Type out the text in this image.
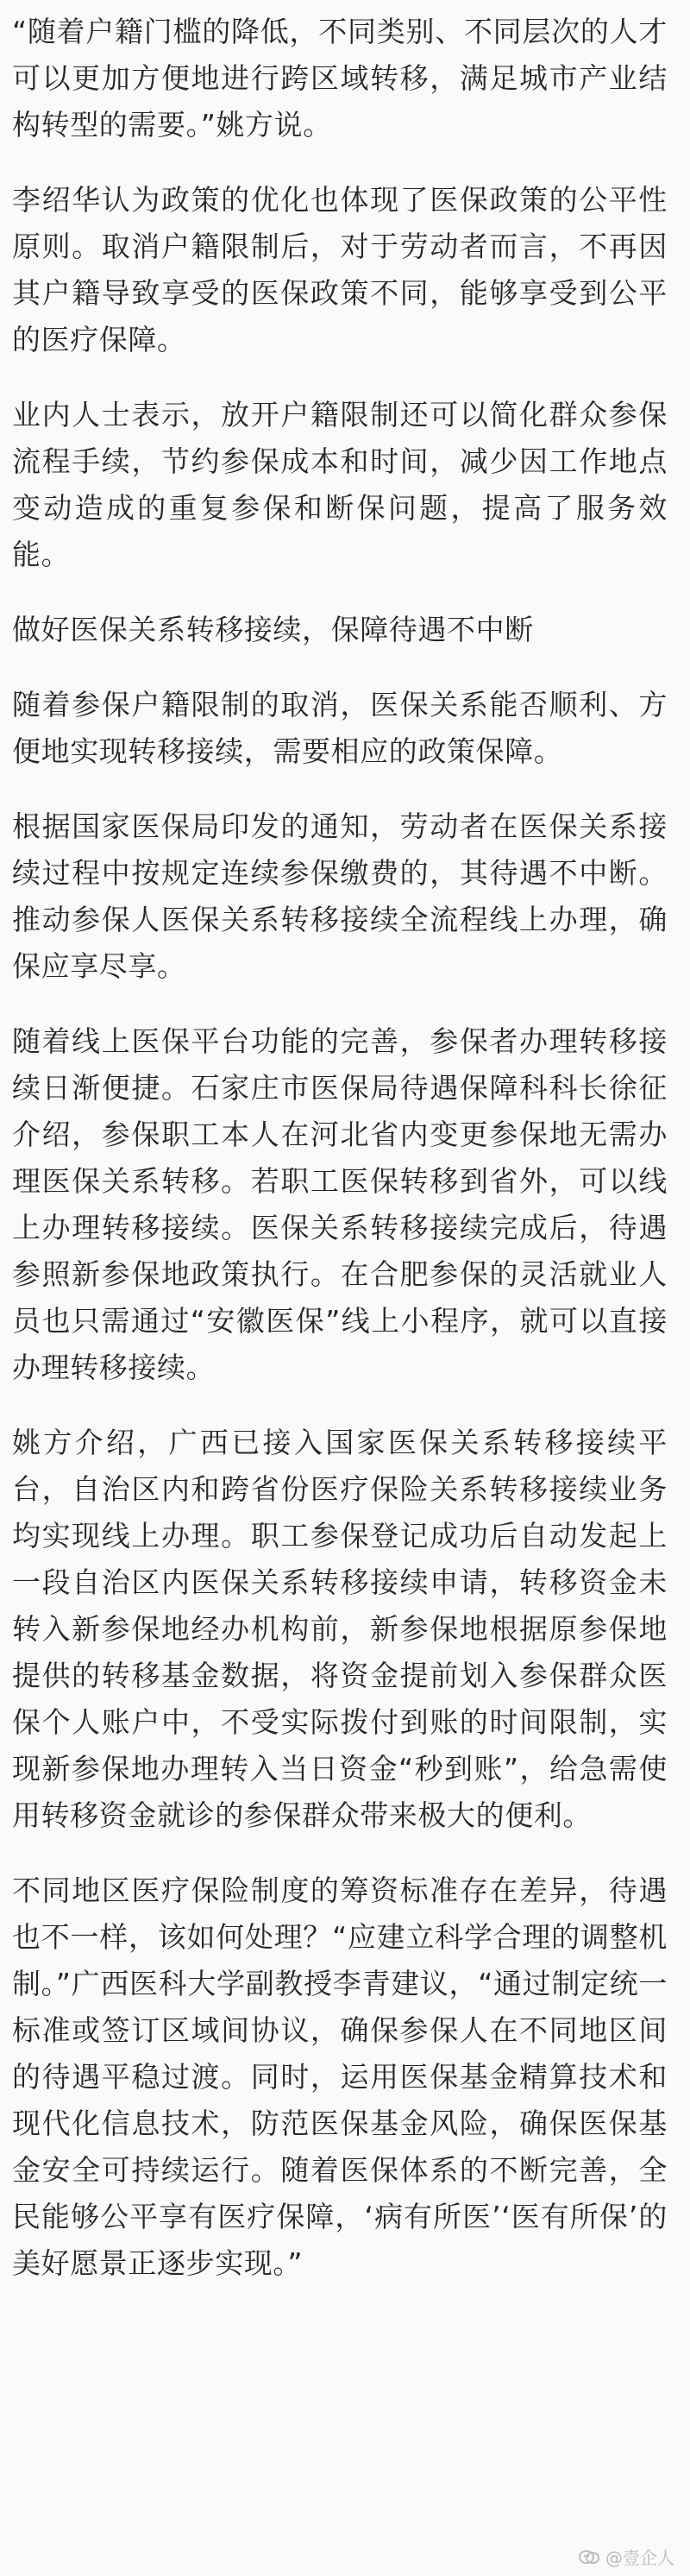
“随着户籍门槛的降低，不同类别、不同层次的人才可以更加方便地进行跨区域转移，满足城市产业结构转型的需要。”姚方说。

李绍华认为政策的优化也体现了医保政策的公平性原则。取消户籍限制后，对于劳动者而言，不再因其户籍导致享受的医保政策不同，能够享受到公平的医疗保障。

业内人士表示，放开户籍限制还可以简化群众参保流程手续，节约参保成本和时间，减少因工作地点变动造成的重复参保和断保问题，提高了服务效能。

做好医保关系转移接续，保障待遇不中断

随着参保户籍限制的取消，医保关系能否顺利、方便地实现转移接续，需要相应的政策保障。

根据国家医保局印发的通知，劳动者在医保关系接续过程中按规定连续参保缴费的，其待遇不中断。推动参保人医保关系转移接续全流程线上办理，确保应享尽享。

随着线上医保平台功能的完善，参保者办理转移接续日渐便捷。石家庄市医保局待遇保障科科长徐征介绍，参保职工本人在河北省内变更参保地无需办理医保关系转移。若职工医保转移到省外，可以线上办理转移接续。医保关系转移接续完成后，待遇参照新参保地政策执行。在合肥参保的灵活就业人员也只需通过“安徽医保”线上小程序，就可以直接办理转移接续。

姚方介绍，广西已接入国家医保关系转移接续平台，自治区内和跨省份医疗保险关系转移接续业务均实现线上办理。职工参保登记成功后自动发起上一段自治区内医保关系转移接续申请，转移资金未转入新参保地经办机构前，新参保地根据原参保地提供的转移基金数据，将资金提前划入参保群众医保个人账户中，不受实际拨付到账的时间限制，实现新参保地办理转入当日资金“秒到账”，给急需使用转移资金就诊的参保群众带来极大的便利。

不同地区医疗保险制度的筹资标准存在差异，待遇也不一样，该如何处理？“应建立科学合理的调整机制。”广西医科大学副教授李青建议，“通过制定统一标准或签订区域间协议，确保参保人在不同地区间的待遇平稳过渡。同时，运用医保基金精算技术和现代化信息技术，防范医保基金风险，确保医保基金安全可持续运行。随着医保体系的不断完善，全民能够公平享有医疗保障，‘病有所医’‘医有所保’的美好愿景正逐步实现。”

@壹企人
